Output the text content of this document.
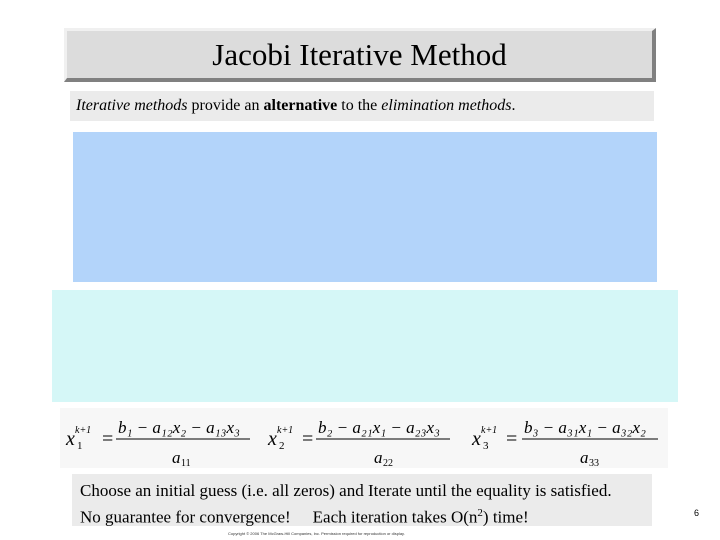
Jacobi Iterative Method
Iterative methods provide an alternative to the elimination methods.
x 1
k+1 =
b₁ − a₁₂x₂ − a₁₃x₃
a 11
x 2
k+1 =
b₂ − a₂₁x₁ − a₂₃x₃
a 22
x 3
k+1 =
b₃ − a₃₁x₁ − a₃₂x₂
a 33
Choose an initial guess (i.e. all zeros) and Iterate until the equality is satisfied.
No guarantee for convergence! Each iteration takes $O(n^2)$ time!	6
Copyright © 2006 The McGraw-Hill Companies, Inc. Permission required for reproduction or display.
